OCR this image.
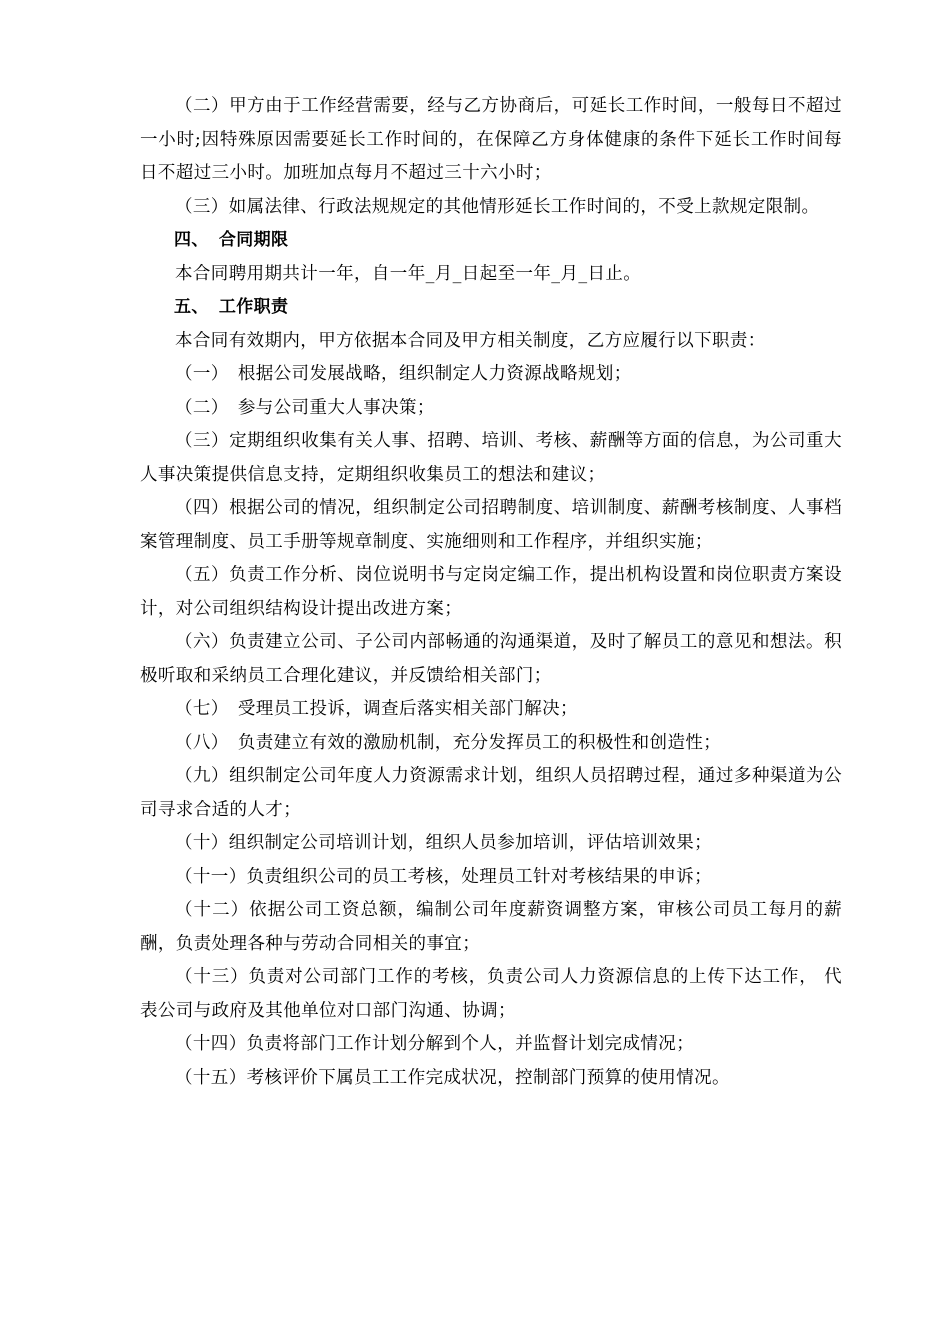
（二）甲方由于工作经营需要，经与乙方协商后，可延长工作时间，一般每日不超过一小时;因特殊原因需要延长工作时间的，在保障乙方身体健康的条件下延长工作时间每日不超过三小时。加班加点每月不超过三十六小时；

（三）如属法律、行政法规规定的其他情形延长工作时间的，不受上款规定限制。

四、 合同期限

本合同聘用期共计一年，自一年_月_日起至一年_月_日止。

五、 工作职责

本合同有效期内，甲方依据本合同及甲方相关制度，乙方应履行以下职责：

（一）　根据公司发展战略，组织制定人力资源战略规划；

（二）　参与公司重大人事决策；

（三）定期组织收集有关人事、招聘、培训、考核、薪酬等方面的信息，为公司重大人事决策提供信息支持，定期组织收集员工的想法和建议；

（四）根据公司的情况，组织制定公司招聘制度、培训制度、薪酬考核制度、人事档案管理制度、员工手册等规章制度、实施细则和工作程序，并组织实施；

（五）负责工作分析、岗位说明书与定岗定编工作，提出机构设置和岗位职责方案设计，对公司组织结构设计提出改进方案；

（六）负责建立公司、子公司内部畅通的沟通渠道，及时了解员工的意见和想法。积极听取和采纳员工合理化建议，并反馈给相关部门；

（七）　受理员工投诉，调查后落实相关部门解决；

（八）　负责建立有效的激励机制，充分发挥员工的积极性和创造性；

（九）组织制定公司年度人力资源需求计划，组织人员招聘过程，通过多种渠道为公司寻求合适的人才；

（十）组织制定公司培训计划，组织人员参加培训，评估培训效果；

（十一）负责组织公司的员工考核，处理员工针对考核结果的申诉；

（十二）依据公司工资总额，编制公司年度薪资调整方案，审核公司员工每月的薪酬，负责处理各种与劳动合同相关的事宜；

（十三）负责对公司部门工作的考核，负责公司人力资源信息的上传下达工作， 代表公司与政府及其他单位对口部门沟通、协调；

（十四）负责将部门工作计划分解到个人，并监督计划完成情况；

（十五）考核评价下属员工工作完成状况，控制部门预算的使用情况。
